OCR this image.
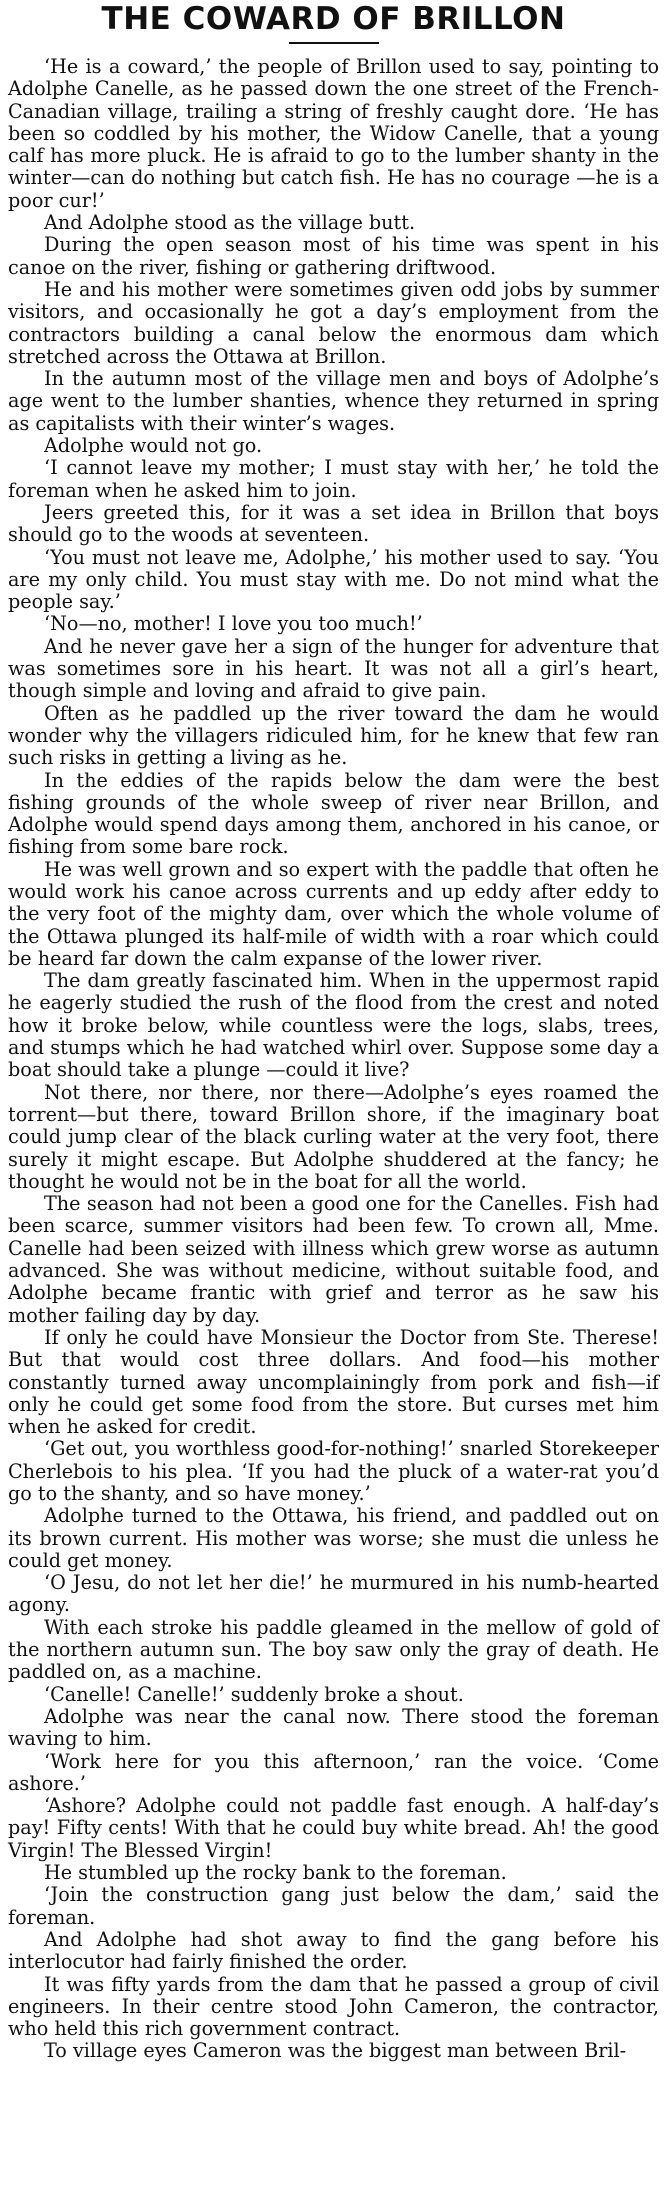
THE COWARD OF BRILLON

‘He is a coward,’ the people of Brillon used to say, pointing to Adolphe Canelle, as he passed down the one street of the French-Canadian village, trailing a string of freshly caught dore. ‘He has been so coddled by his mother, the Widow Canelle, that a young calf has more pluck. He is afraid to go to the lumber shanty in the winter—can do nothing but catch fish. He has no courage —he is a poor cur!’

And Adolphe stood as the village butt.

During the open season most of his time was spent in his canoe on the river, fishing or gathering driftwood.

He and his mother were sometimes given odd jobs by summer visitors, and occasionally he got a day’s employment from the contractors building a canal below the enormous dam which stretched across the Ottawa at Brillon.

In the autumn most of the village men and boys of Adolphe’s age went to the lumber shanties, whence they returned in spring as capitalists with their winter’s wages.

Adolphe would not go.

‘I cannot leave my mother; I must stay with her,’ he told the foreman when he asked him to join.

Jeers greeted this, for it was a set idea in Brillon that boys should go to the woods at seventeen.

‘You must not leave me, Adolphe,’ his mother used to say. ‘You are my only child. You must stay with me. Do not mind what the people say.’

‘No—no, mother! I love you too much!’

And he never gave her a sign of the hunger for adventure that was sometimes sore in his heart. It was not all a girl’s heart, though simple and loving and afraid to give pain.

Often as he paddled up the river toward the dam he would wonder why the villagers ridiculed him, for he knew that few ran such risks in getting a living as he.

In the eddies of the rapids below the dam were the best fishing grounds of the whole sweep of river near Brillon, and Adolphe would spend days among them, anchored in his canoe, or fishing from some bare rock.

He was well grown and so expert with the paddle that often he would work his canoe across currents and up eddy after eddy to the very foot of the mighty dam, over which the whole volume of the Ottawa plunged its half-mile of width with a roar which could be heard far down the calm expanse of the lower river.

The dam greatly fascinated him. When in the uppermost rapid he eagerly studied the rush of the flood from the crest and noted how it broke below, while countless were the logs, slabs, trees, and stumps which he had watched whirl over. Suppose some day a boat should take a plunge —could it live?

Not there, nor there, nor there—Adolphe’s eyes roamed the torrent—but there, toward Brillon shore, if the imaginary boat could jump clear of the black curling water at the very foot, there surely it might escape. But Adolphe shuddered at the fancy; he thought he would not be in the boat for all the world.

The season had not been a good one for the Canelles. Fish had been scarce, summer visitors had been few. To crown all, Mme. Canelle had been seized with illness which grew worse as autumn advanced. She was without medicine, without suitable food, and Adolphe became frantic with grief and terror as he saw his mother failing day by day.

If only he could have Monsieur the Doctor from Ste. Therese! But that would cost three dollars. And food—his mother constantly turned away uncomplainingly from pork and fish—if only he could get some food from the store. But curses met him when he asked for credit.

‘Get out, you worthless good-for-nothing!’ snarled Storekeeper Cherlebois to his plea. ‘If you had the pluck of a water-rat you’d go to the shanty, and so have money.’

Adolphe turned to the Ottawa, his friend, and paddled out on its brown current. His mother was worse; she must die unless he could get money.

‘O Jesu, do not let her die!’ he murmured in his numb-hearted agony.

With each stroke his paddle gleamed in the mellow of gold of the northern autumn sun. The boy saw only the gray of death. He paddled on, as a machine.

‘Canelle! Canelle!’ suddenly broke a shout.

Adolphe was near the canal now. There stood the foreman waving to him.

‘Work here for you this afternoon,’ ran the voice. ‘Come ashore.’

‘Ashore? Adolphe could not paddle fast enough. A half-day’s pay! Fifty cents! With that he could buy white bread. Ah! the good Virgin! The Blessed Virgin!

He stumbled up the rocky bank to the foreman.

‘Join the construction gang just below the dam,’ said the foreman.

And Adolphe had shot away to find the gang before his interlocutor had fairly finished the order.

It was fifty yards from the dam that he passed a group of civil engineers. In their centre stood John Cameron, the contractor, who held this rich government contract.

To village eyes Cameron was the biggest man between Bril-
